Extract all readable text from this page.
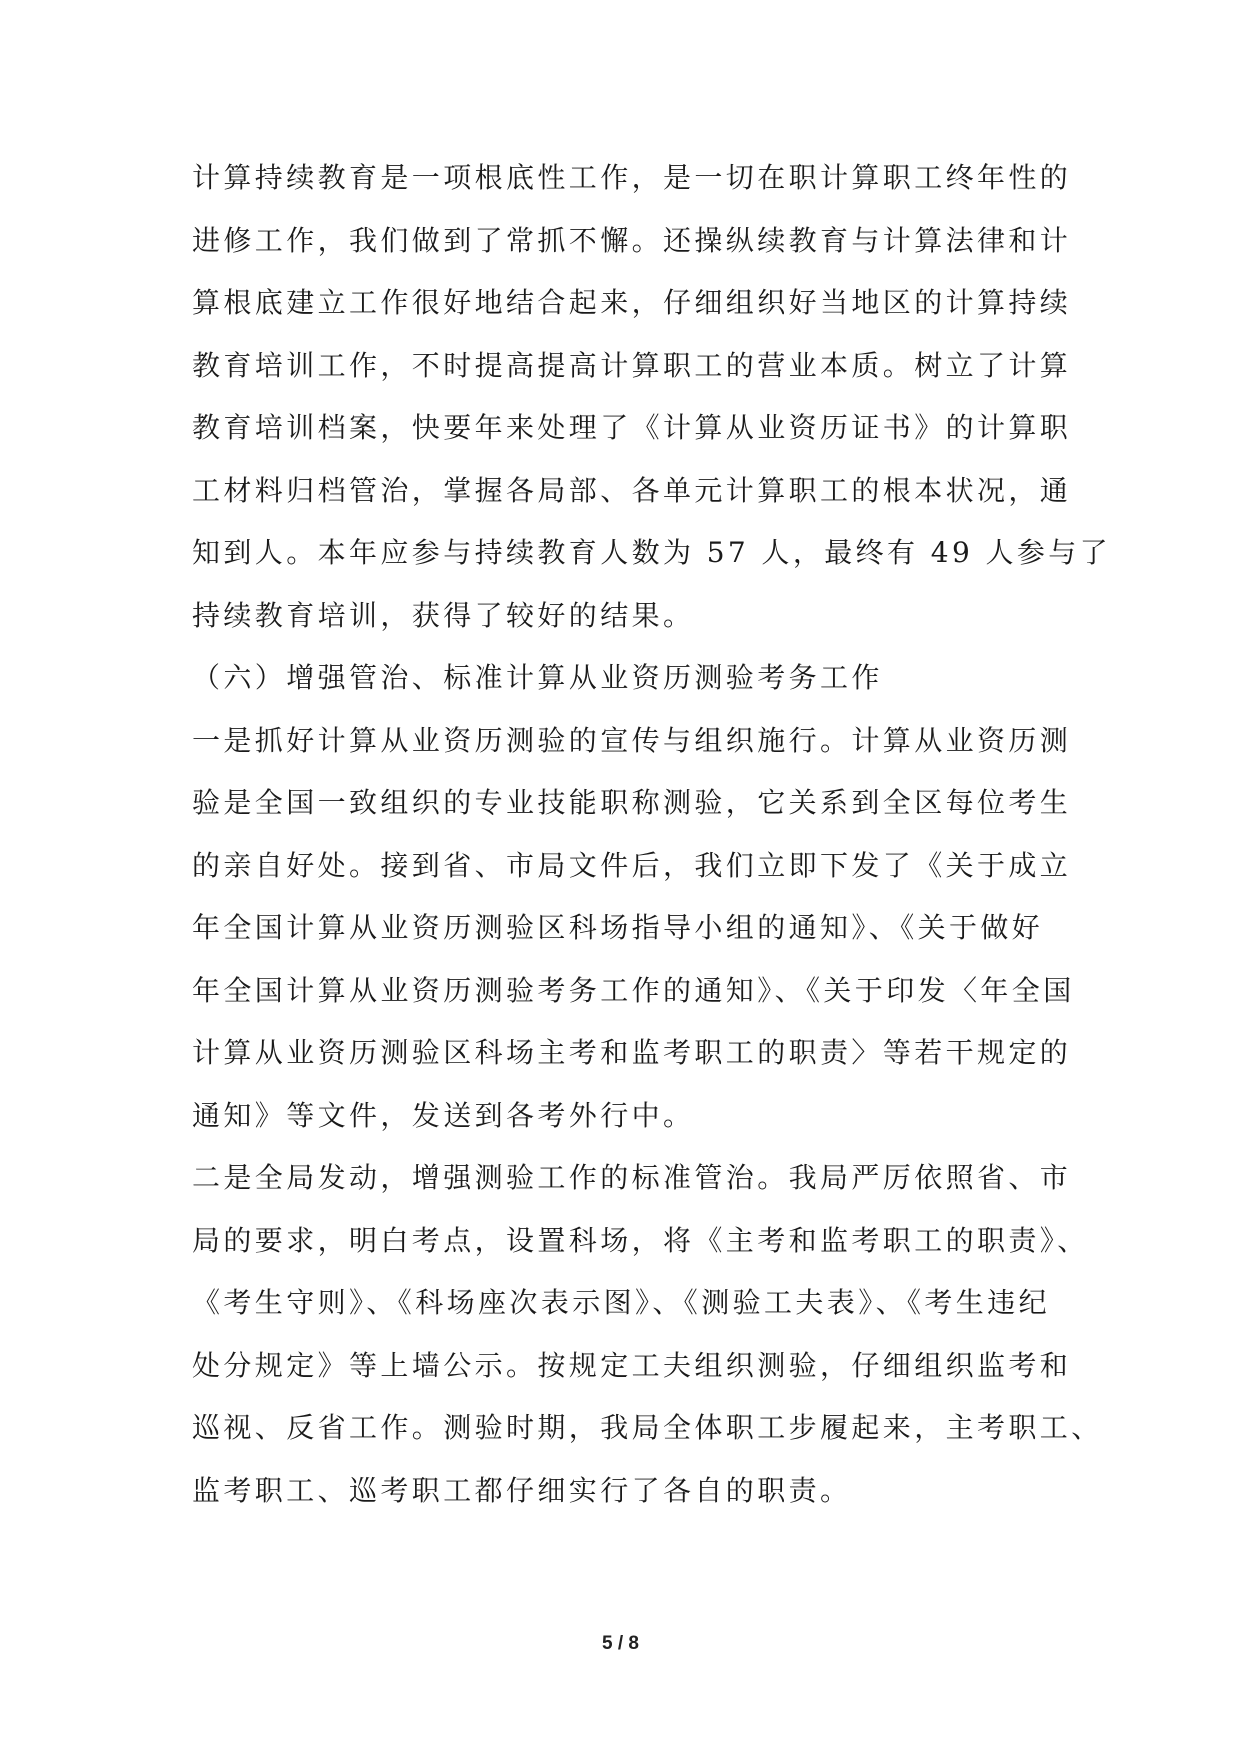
计算持续教育是一项根底性工作，是一切在职计算职工终年性的
进修工作，我们做到了常抓不懈。还操纵续教育与计算法律和计
算根底建立工作很好地结合起来，仔细组织好当地区的计算持续
教育培训工作，不时提高提高计算职工的营业本质。树立了计算
教育培训档案，快要年来处理了《计算从业资历证书》的计算职
工材料归档管治，掌握各局部、各单元计算职工的根本状况，通
知到人。本年应参与持续教育人数为 57 人，最终有 49 人参与了
持续教育培训，获得了较好的结果。
（六）增强管治、标准计算从业资历测验考务工作
一是抓好计算从业资历测验的宣传与组织施行。计算从业资历测
验是全国一致组织的专业技能职称测验，它关系到全区每位考生
的亲自好处。接到省、市局文件后，我们立即下发了《关于成立
年全国计算从业资历测验区科场指导小组的通知》、《关于做好
年全国计算从业资历测验考务工作的通知》、《关于印发〈年全国
计算从业资历测验区科场主考和监考职工的职责〉等若干规定的
通知》等文件，发送到各考外行中。
二是全局发动，增强测验工作的标准管治。我局严厉依照省、市
局的要求，明白考点，设置科场，将《主考和监考职工的职责》、
《考生守则》、《科场座次表示图》、《测验工夫表》、《考生违纪
处分规定》等上墙公示。按规定工夫组织测验，仔细组织监考和
巡视、反省工作。测验时期，我局全体职工步履起来，主考职工、
监考职工、巡考职工都仔细实行了各自的职责。
5 / 8
